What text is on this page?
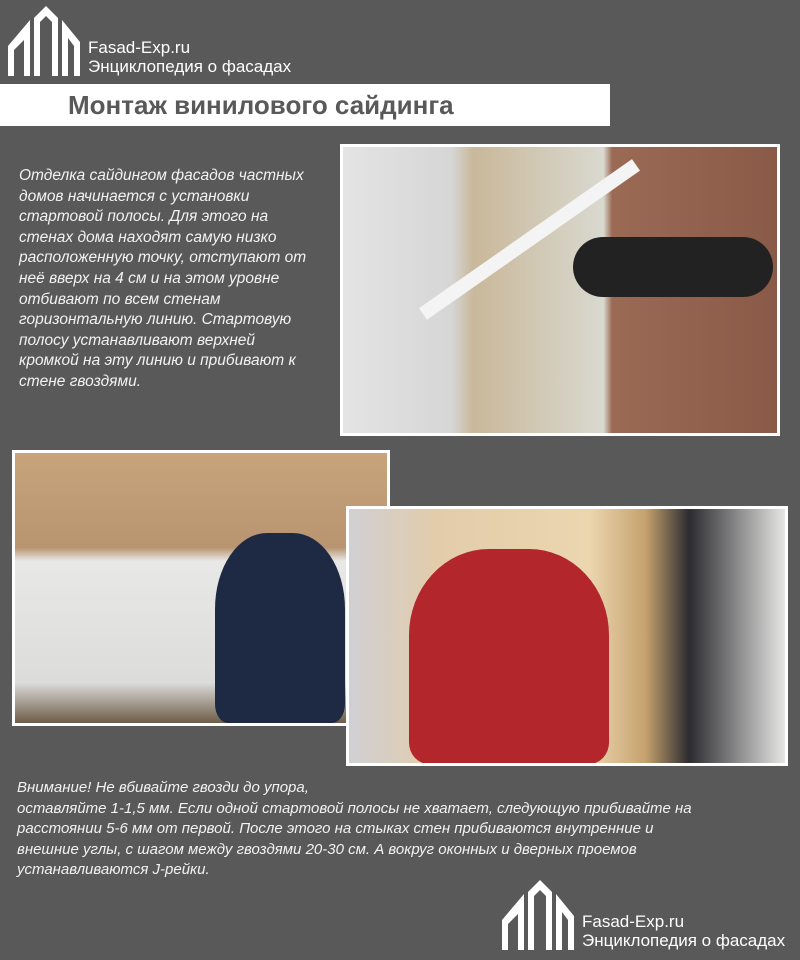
Fasad-Exp.ru
Энциклопедия о фасадах
Монтаж винилового сайдинга
Отделка сайдингом фасадов частных
домов начинается с установки
стартовой полосы. Для этого на
стенах дома находят самую низко
расположенную точку, отступают от
неё вверх на 4 см и на этом уровне
отбивают по всем стенам
горизонтальную линию. Стартовую
полосу устанавливают верхней
кромкой на эту линию и прибивают к
стене гвоздями.
Внимание! Не вбивайте гвозди до упора,
оставляйте 1-1,5 мм. Если одной стартовой полосы не хватает, следующую прибивайте на
расстоянии 5-6 мм от первой. После этого на стыках стен прибиваются внутренние и
внешние углы, с шагом между гвоздями 20-30 см. А вокруг оконных и дверных проемов
устанавливаются J-рейки.
Fasad-Exp.ru
Энциклопедия о фасадах
